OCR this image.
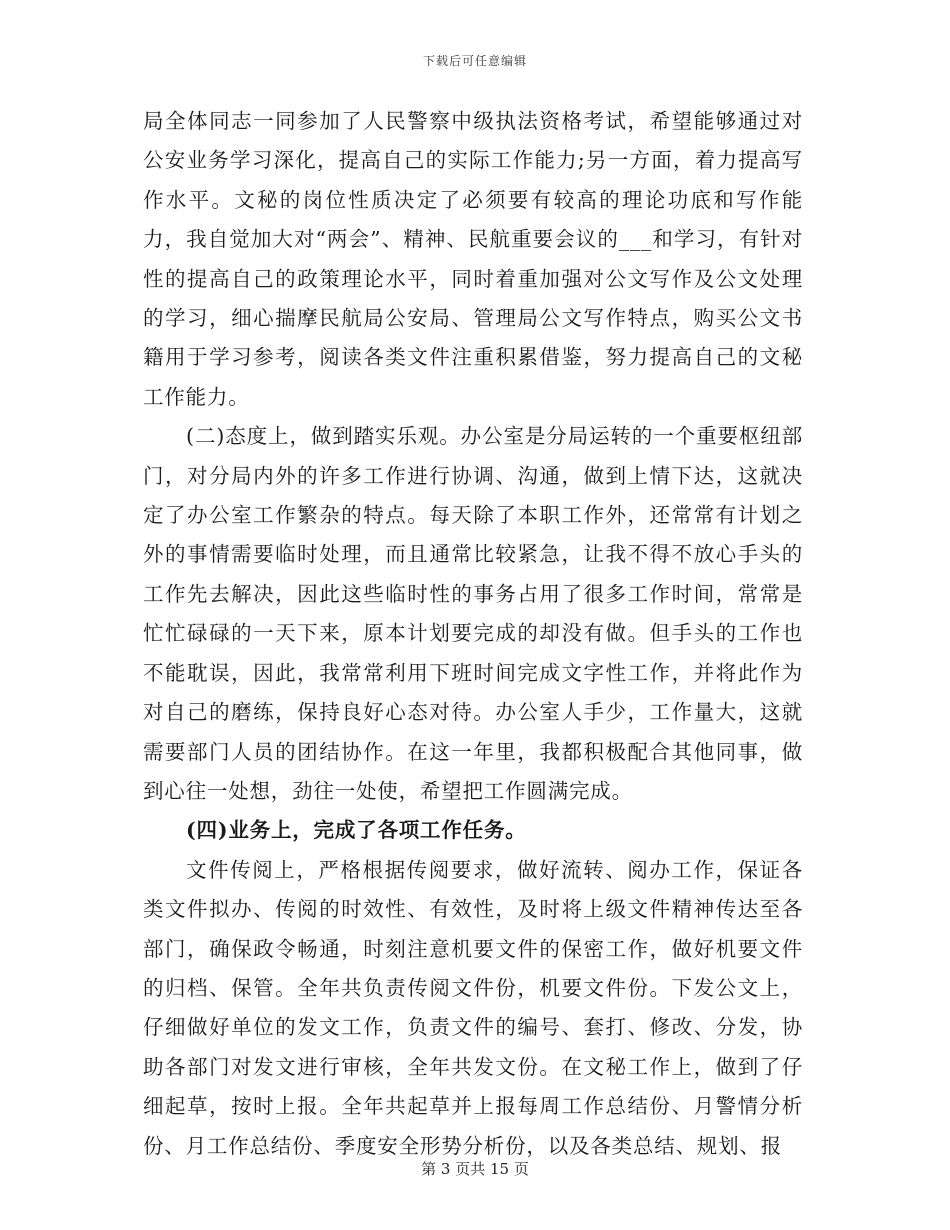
下载后可任意编辑

局全体同志一同参加了人民警察中级执法资格考试，希望能够通过对公安业务学习深化，提高自己的实际工作能力;另一方面，着力提高写作水平。文秘的岗位性质决定了必须要有较高的理论功底和写作能力，我自觉加大对“两会”、精神、民航重要会议的___和学习，有针对性的提高自己的政策理论水平，同时着重加强对公文写作及公文处理的学习，细心揣摩民航局公安局、管理局公文写作特点，购买公文书籍用于学习参考，阅读各类文件注重积累借鉴，努力提高自己的文秘工作能力。

(二)态度上，做到踏实乐观。办公室是分局运转的一个重要枢纽部门，对分局内外的许多工作进行协调、沟通，做到上情下达，这就决定了办公室工作繁杂的特点。每天除了本职工作外，还常常有计划之外的事情需要临时处理，而且通常比较紧急，让我不得不放心手头的工作先去解决，因此这些临时性的事务占用了很多工作时间，常常是忙忙碌碌的一天下来，原本计划要完成的却没有做。但手头的工作也不能耽误，因此，我常常利用下班时间完成文字性工作，并将此作为对自己的磨练，保持良好心态对待。办公室人手少，工作量大，这就需要部门人员的团结协作。在这一年里，我都积极配合其他同事，做到心往一处想，劲往一处使，希望把工作圆满完成。

(四)业务上，完成了各项工作任务。

文件传阅上，严格根据传阅要求，做好流转、阅办工作，保证各类文件拟办、传阅的时效性、有效性，及时将上级文件精神传达至各部门，确保政令畅通，时刻注意机要文件的保密工作，做好机要文件的归档、保管。全年共负责传阅文件份，机要文件份。下发公文上，仔细做好单位的发文工作，负责文件的编号、套打、修改、分发，协助各部门对发文进行审核，全年共发文份。在文秘工作上，做到了仔细起草，按时上报。全年共起草并上报每周工作总结份、月警情分析份、月工作总结份、季度安全形势分析份，以及各类总结、规划、报

第 3 页共 15 页
